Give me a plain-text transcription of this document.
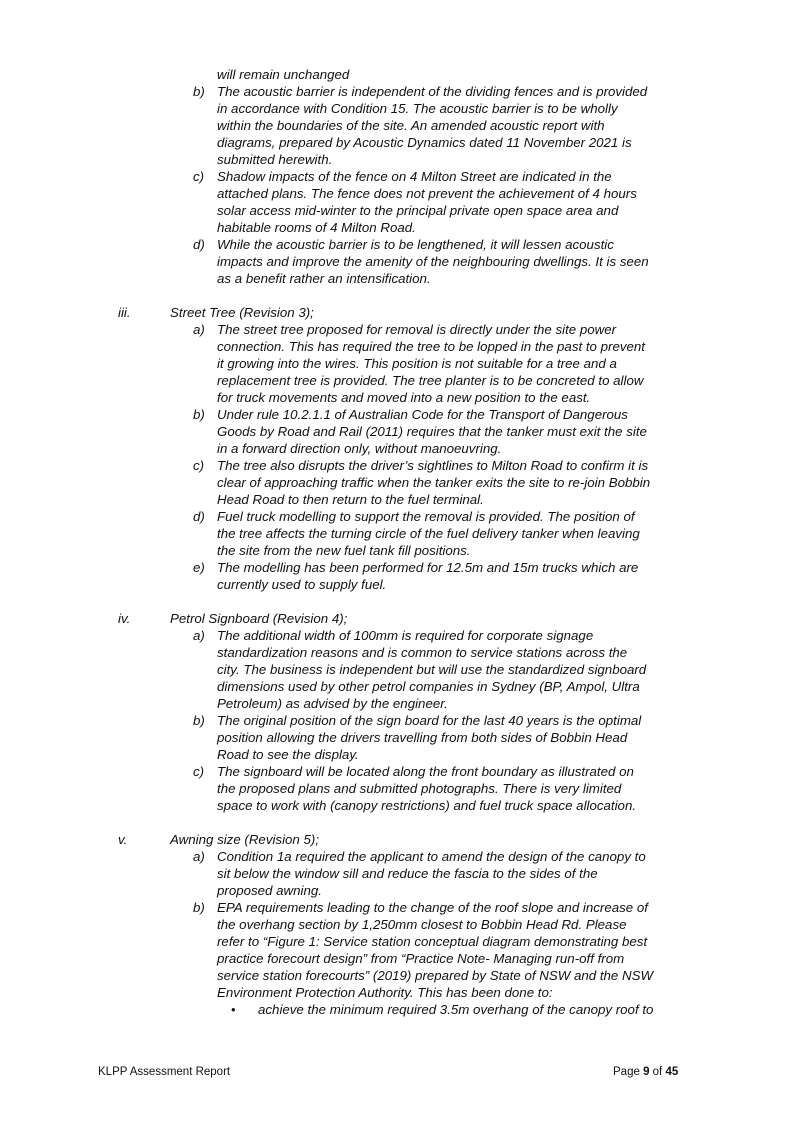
will remain unchanged
b) The acoustic barrier is independent of the dividing fences and is provided
in accordance with Condition 15. The acoustic barrier is to be wholly
within the boundaries of the site. An amended acoustic report with
diagrams, prepared by Acoustic Dynamics dated 11 November 2021 is
submitted herewith.
c) Shadow impacts of the fence on 4 Milton Street are indicated in the
attached plans. The fence does not prevent the achievement of 4 hours
solar access mid-winter to the principal private open space area and
habitable rooms of 4 Milton Road.
d) While the acoustic barrier is to be lengthened, it will lessen acoustic
impacts and improve the amenity of the neighbouring dwellings. It is seen
as a benefit rather an intensification.
iii.	Street Tree (Revision 3);
a) The street tree proposed for removal is directly under the site power
connection. This has required the tree to be lopped in the past to prevent
it growing into the wires. This position is not suitable for a tree and a
replacement tree is provided. The tree planter is to be concreted to allow
for truck movements and moved into a new position to the east.
b) Under rule 10.2.1.1 of Australian Code for the Transport of Dangerous
Goods by Road and Rail (2011) requires that the tanker must exit the site
in a forward direction only, without manoeuvring.
c) The tree also disrupts the driver’s sightlines to Milton Road to confirm it is
clear of approaching traffic when the tanker exits the site to re-join Bobbin
Head Road to then return to the fuel terminal.
d) Fuel truck modelling to support the removal is provided. The position of
the tree affects the turning circle of the fuel delivery tanker when leaving
the site from the new fuel tank fill positions.
e) The modelling has been performed for 12.5m and 15m trucks which are
currently used to supply fuel.
iv.	Petrol Signboard (Revision 4);
a) The additional width of 100mm is required for corporate signage
standardization reasons and is common to service stations across the
city. The business is independent but will use the standardized signboard
dimensions used by other petrol companies in Sydney (BP, Ampol, Ultra
Petroleum) as advised by the engineer.
b) The original position of the sign board for the last 40 years is the optimal
position allowing the drivers travelling from both sides of Bobbin Head
Road to see the display.
c) The signboard will be located along the front boundary as illustrated on
the proposed plans and submitted photographs. There is very limited
space to work with (canopy restrictions) and fuel truck space allocation.
v.	Awning size (Revision 5);
a) Condition 1a required the applicant to amend the design of the canopy to
sit below the window sill and reduce the fascia to the sides of the
proposed awning.
b) EPA requirements leading to the change of the roof slope and increase of
the overhang section by 1,250mm closest to Bobbin Head Rd. Please
refer to “Figure 1: Service station conceptual diagram demonstrating best
practice forecourt design” from “Practice Note- Managing run-off from
service station forecourts” (2019) prepared by State of NSW and the NSW
Environment Protection Authority. This has been done to:
• achieve the minimum required 3.5m overhang of the canopy roof to
KLPP Assessment Report	Page 9 of 45
